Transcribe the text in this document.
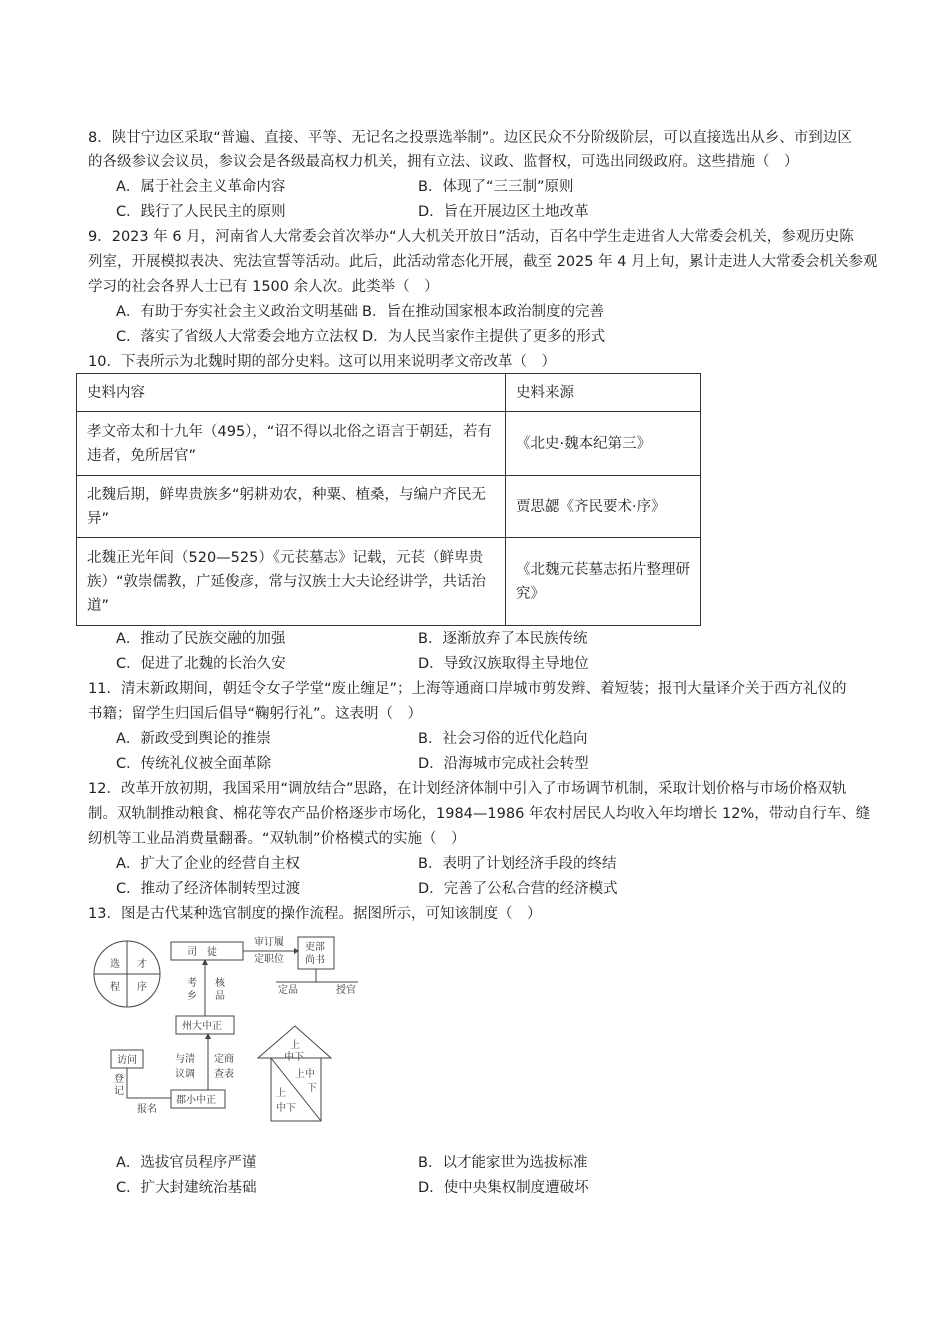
8．陕甘宁边区采取“普遍、直接、平等、无记名之投票选举制”。边区民众不分阶级阶层，可以直接选出从乡、市到边区
的各级参议会议员，参议会是各级最高权力机关，拥有立法、议政、监督权，可选出同级政府。这些措施（　）
A．属于社会主义革命内容	B．体现了“三三制”原则
C．践行了人民民主的原则	D．旨在开展边区土地改革
9．2023 年 6 月，河南省人大常委会首次举办“人大机关开放日”活动，百名中学生走进省人大常委会机关，参观历史陈
列室，开展模拟表决、宪法宣誓等活动。此后，此活动常态化开展，截至 2025 年 4 月上旬，累计走进人大常委会机关参观
学习的社会各界人士已有 1500 余人次。此类举（　）
A．有助于夯实社会主义政治文明基础 B．旨在推动国家根本政治制度的完善
C．落实了省级人大常委会地方立法权 D．为人民当家作主提供了更多的形式
10．下表所示为北魏时期的部分史料。这可以用来说明孝文帝改革（　）
史料内容	史料来源
孝文帝太和十九年（495），“诏不得以北俗之语言于朝廷，若有违者，免所居官”	《北史·魏本纪第三》
北魏后期，鲜卑贵族多“躬耕劝农，种粟、植桑，与编户齐民无异”	贾思勰《齐民要术·序》
北魏正光年间（520—525）《元苌墓志》记载，元苌（鲜卑贵族）“敦崇儒教，广延俊彦，常与汉族士大夫论经讲学，共话治道”	《北魏元苌墓志拓片整理研究》
A．推动了民族交融的加强	B．逐渐放弃了本民族传统
C．促进了北魏的长治久安	D．导致汉族取得主导地位
11．清末新政期间，朝廷令女子学堂“废止缠足”；上海等通商口岸城市剪发辫、着短装；报刊大量译介关于西方礼仪的
书籍；留学生归国后倡导“鞠躬行礼”。这表明（　）
A．新政受到舆论的推崇	B．社会习俗的近代化趋向
C．传统礼仪被全面革除	D．沿海城市完成社会转型
12．改革开放初期，我国采用“调放结合”思路，在计划经济体制中引入了市场调节机制，采取计划价格与市场价格双轨
制。双轨制推动粮食、棉花等农产品价格逐步市场化，1984—1986 年农村居民人均收入年均增长 12%，带动自行车、缝
纫机等工业品消费量翻番。“双轨制”价格模式的实施（　）
A．扩大了企业的经营自主权	B．表明了计划经济手段的终结
C．推动了经济体制转型过渡	D．完善了公私合营的经济模式
13．图是古代某种选官制度的操作流程。据图所示，可知该制度（　）
选 才
程 序
司　徒	吏部
尚书
审订履
定职位
定品	授官
考
乡
核
品
州大中正
与清
议调
定商
查表
访问
登
记
报名
郡小中正
上
中下
上中
下
上
中下
A．选拔官员程序严谨	B．以才能家世为选拔标准
C．扩大封建统治基础	D．使中央集权制度遭破坏
